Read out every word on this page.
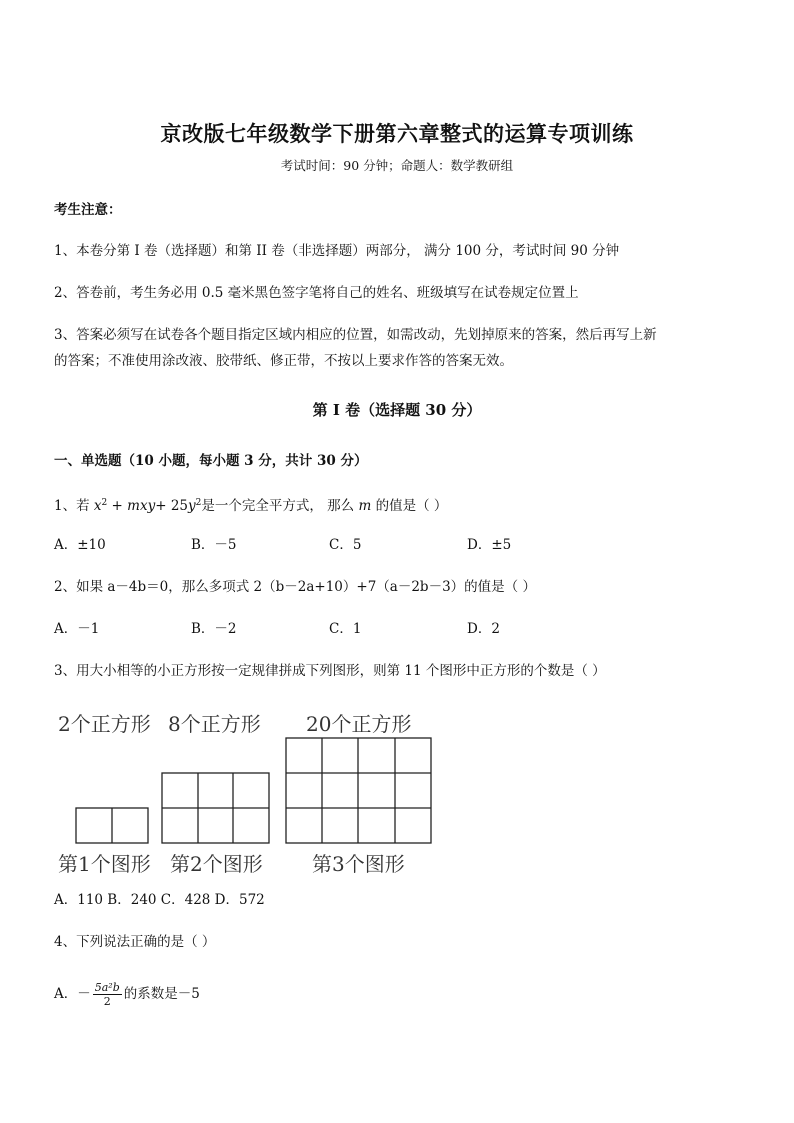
京改版七年级数学下册第六章整式的运算专项训练
考试时间：90 分钟；命题人：数学教研组
考生注意：
1、本卷分第 I 卷（选择题）和第 II 卷（非选择题）两部分， 满分 100 分，考试时间 90 分钟
2、答卷前，考生务必用 0.5 毫米黑色签字笔将自己的姓名、班级填写在试卷规定位置上
3、答案必须写在试卷各个题目指定区域内相应的位置，如需改动，先划掉原来的答案，然后再写上新
的答案；不准使用涂改液、胶带纸、修正带，不按以上要求作答的答案无效。
第 I 卷（选择题 30 分）
一、单选题（10 小题，每小题 3 分，共计 30 分）
1、若 $x^2 + mxy+ 25y^2$是一个完全平方式， 那么 m 的值是（ ）
A．±10	B．－5	C．5	D．±5
2、如果 a－4b＝0，那么多项式 2（b－2a+10）+7（a－2b－3）的值是（ ）
A．－1	B．－2	C．1	D．2
3、用大小相等的小正方形按一定规律拼成下列图形，则第 11 个图形中正方形的个数是（ ）
2个正方形 8个正方形 20个正方形
第1个图形 第2个图形 第3个图形
A．110 B．240 C．428 D．572
4、下列说法正确的是（ ）
A．－ $\frac{\text{5a²b}}{2}$ 的系数是－5
